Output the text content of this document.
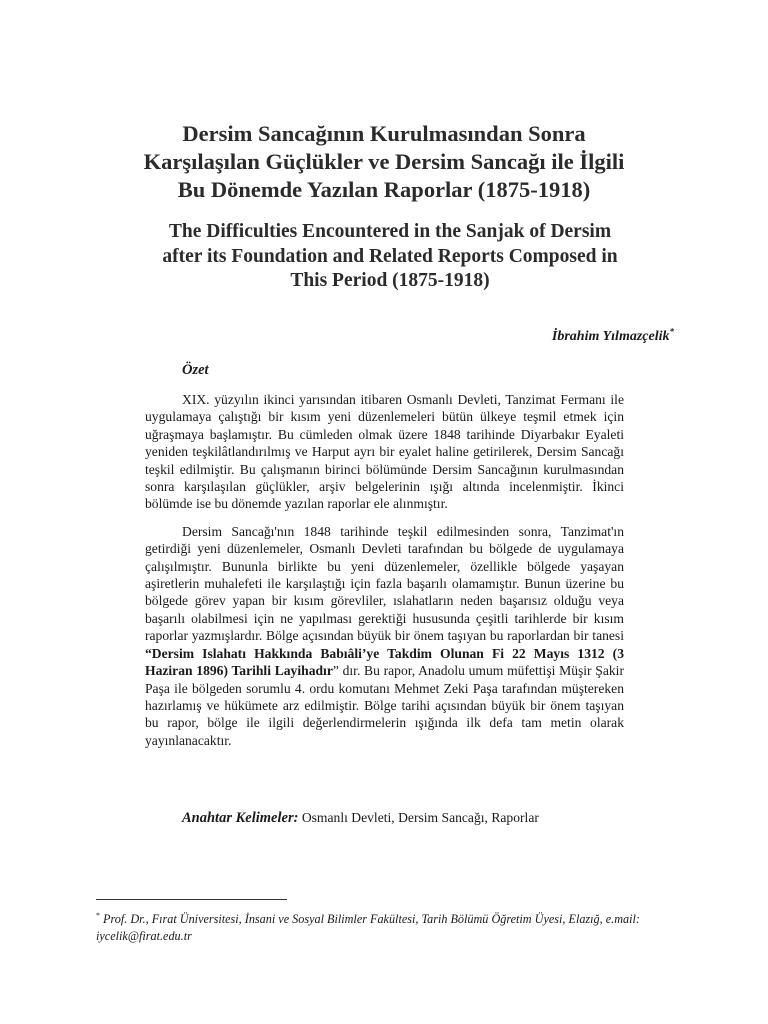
Dersim Sancağının Kurulmasından Sonra
Karşılaşılan Güçlükler ve Dersim Sancağı ile İlgili
Bu Dönemde Yazılan Raporlar (1875-1918)
The Difficulties Encountered in the Sanjak of Dersim
after its Foundation and Related Reports Composed in
This Period (1875-1918)
İbrahim Yılmazçelik*
Özet

XIX. yüzyılın ikinci yarısından itibaren Osmanlı Devleti, Tanzimat Fermanı ile uygulamaya çalıştığı bir kısım yeni düzenlemeleri bütün ülkeye teşmil etmek için uğraşmaya başlamıştır. Bu cümleden olmak üzere 1848 tarihinde Diyarbakır Eyaleti yeniden teşkilâtlandırılmış ve Harput ayrı bir eyalet haline getirilerek, Dersim Sancağı teşkil edilmiştir. Bu çalışmanın birinci bölümünde Dersim Sancağının kurulmasından sonra karşılaşılan güçlükler, arşiv belgelerinin ışığı altında incelenmiştir. İkinci bölümde ise bu dönemde yazılan raporlar ele alınmıştır.

Dersim Sancağı'nın 1848 tarihinde teşkil edilmesinden sonra, Tanzimat'ın getirdiği yeni düzenlemeler, Osmanlı Devleti tarafından bu bölgede de uygulamaya çalışılmıştır. Bununla birlikte bu yeni düzenlemeler, özellikle bölgede yaşayan aşiretlerin muhalefeti ile karşılaştığı için fazla başarılı olamamıştır. Bunun üzerine bu bölgede görev yapan bir kısım görevliler, ıslahatların neden başarısız olduğu veya başarılı olabilmesi için ne yapılması gerektiği hususunda çeşitli tarihlerde bir kısım raporlar yazmışlardır. Bölge açısından büyük bir önem taşıyan bu raporlardan bir tanesi “Dersim Islahatı Hakkında Babıâli’ye Takdim Olunan Fi 22 Mayıs 1312 (3 Haziran 1896) Tarihli Layihadır” dır. Bu rapor, Anadolu umum müfettişi Müşir Şakir Paşa ile bölgeden sorumlu 4. ordu komutanı Mehmet Zeki Paşa tarafından müştereken hazırlamış ve hükümete arz edilmiştir. Bölge tarihi açısından büyük bir önem taşıyan bu rapor, bölge ile ilgili değerlendirmelerin ışığında ilk defa tam metin olarak yayınlanacaktır.

Anahtar Kelimeler: Osmanlı Devleti, Dersim Sancağı, Raporlar
* Prof. Dr., Fırat Üniversitesi, İnsani ve Sosyal Bilimler Fakültesi, Tarih Bölümü Öğretim Üyesi, Elazığ, e.mail: iycelik@firat.edu.tr
